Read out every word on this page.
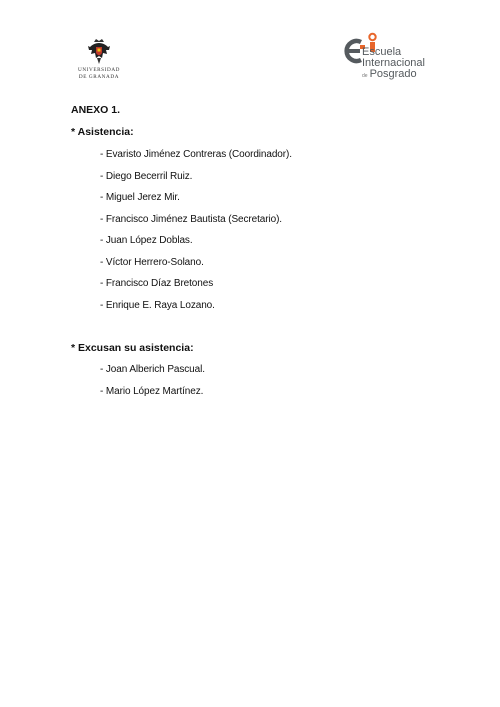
UNIVERSIDAD
DE GRANADA
Escuela
Internacional
de Posgrado
ANEXO 1.
* Asistencia:
- Evaristo Jiménez Contreras (Coordinador).
- Diego Becerril Ruiz.
- Miguel Jerez Mir.
- Francisco Jiménez Bautista (Secretario).
- Juan López Doblas.
- Víctor Herrero-Solano.
- Francisco Díaz Bretones
- Enrique E. Raya Lozano.
* Excusan su asistencia:
- Joan Alberich Pascual.
- Mario López Martínez.
